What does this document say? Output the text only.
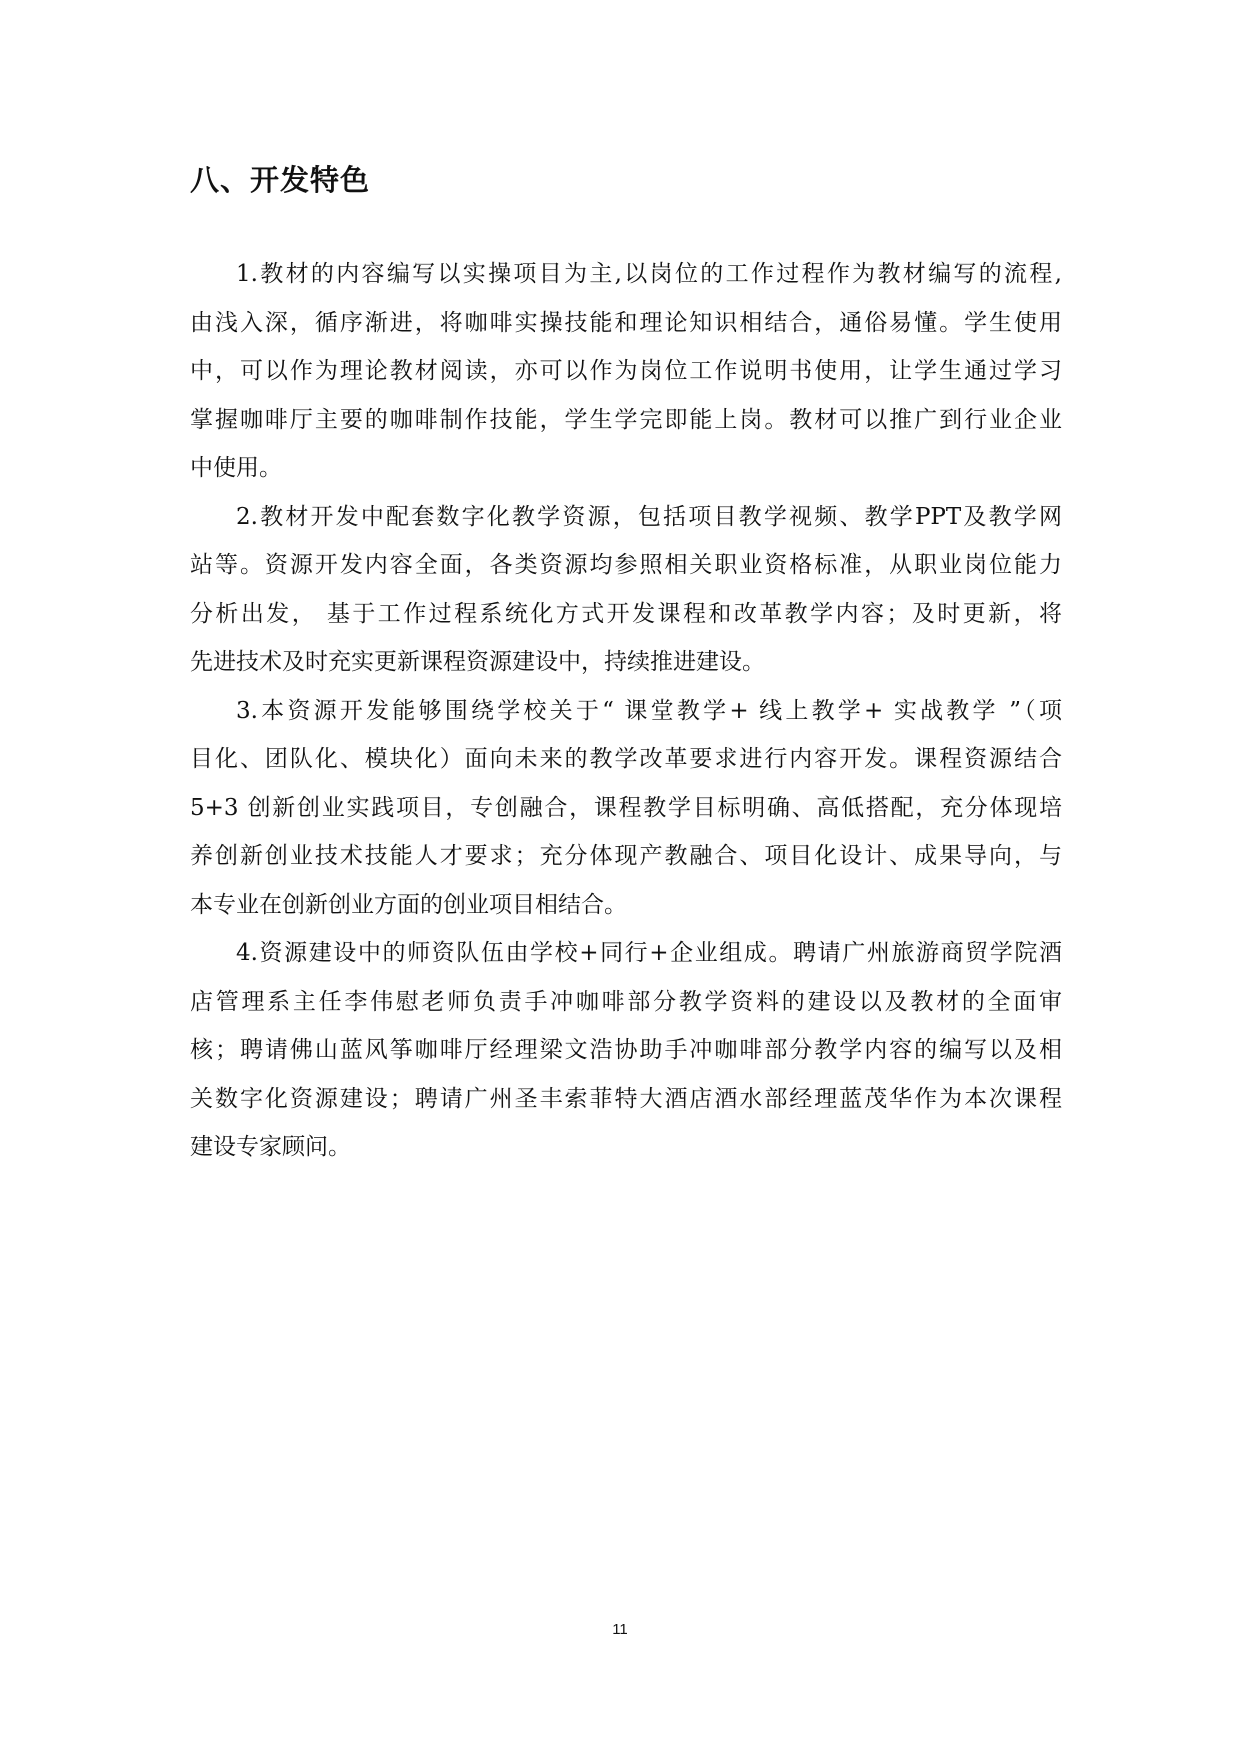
八、开发特色
1.教材的内容编写以实操项目为主,以岗位的工作过程作为教材编写的流程,
由浅入深，循序渐进，将咖啡实操技能和理论知识相结合，通俗易懂。学生使用
中，可以作为理论教材阅读，亦可以作为岗位工作说明书使用，让学生通过学习
掌握咖啡厅主要的咖啡制作技能，学生学完即能上岗。教材可以推广到行业企业
中使用。
2.教材开发中配套数字化教学资源，包括项目教学视频、教学PPT及教学网
站等。资源开发内容全面，各类资源均参照相关职业资格标准，从职业岗位能力
分析出发， 基于工作过程系统化方式开发课程和改革教学内容；及时更新，将
先进技术及时充实更新课程资源建设中，持续推进建设。
3.本资源开发能够围绕学校关于“ 课堂教学+ 线上教学+ 实战教学 ”（项
目化、团队化、模块化）面向未来的教学改革要求进行内容开发。课程资源结合
5+3 创新创业实践项目，专创融合，课程教学目标明确、高低搭配，充分体现培
养创新创业技术技能人才要求；充分体现产教融合、项目化设计、成果导向，与
本专业在创新创业方面的创业项目相结合。
4.资源建设中的师资队伍由学校+同行+企业组成。聘请广州旅游商贸学院酒
店管理系主任李伟慰老师负责手冲咖啡部分教学资料的建设以及教材的全面审
核；聘请佛山蓝风筝咖啡厅经理梁文浩协助手冲咖啡部分教学内容的编写以及相
关数字化资源建设；聘请广州圣丰索菲特大酒店酒水部经理蓝茂华作为本次课程
建设专家顾问。
11
